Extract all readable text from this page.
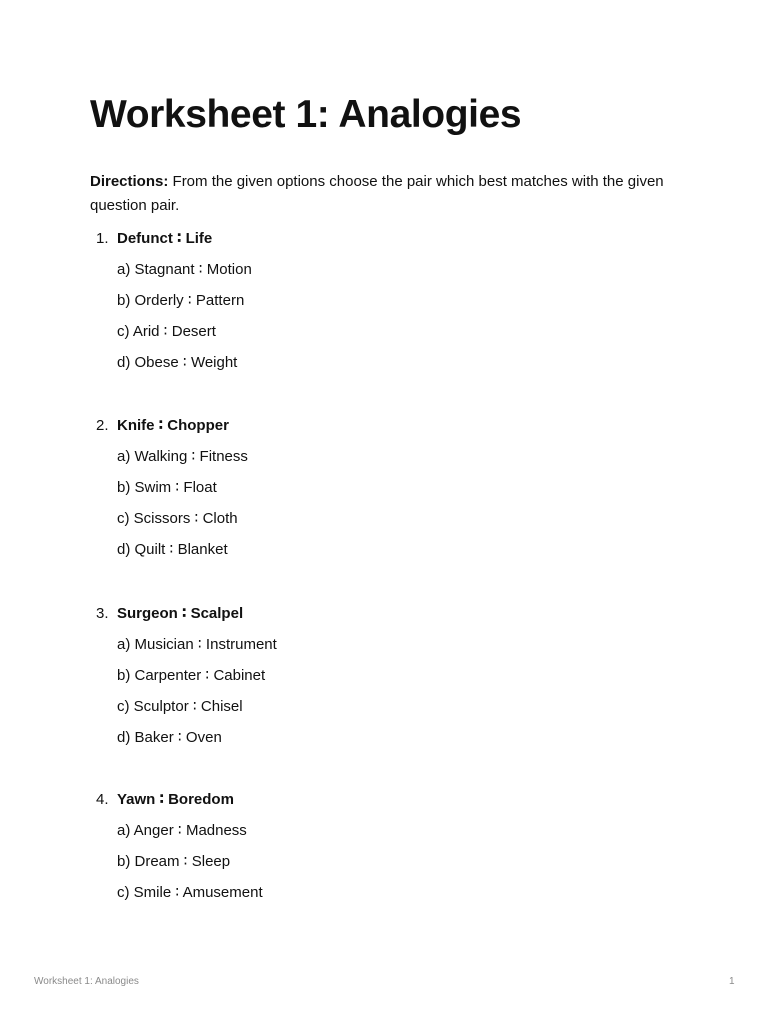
Worksheet 1: Analogies

Directions: From the given options choose the pair which best matches with the given question pair.

1. Defunct ∶ Life
a) Stagnant ∶ Motion
b) Orderly ∶ Pattern
c) Arid ∶ Desert
d) Obese ∶ Weight
2. Knife ∶ Chopper
a) Walking ∶ Fitness
b) Swim ∶ Float
c) Scissors ∶ Cloth
d) Quilt ∶ Blanket
3. Surgeon ∶ Scalpel
a) Musician ∶ Instrument
b) Carpenter ∶ Cabinet
c) Sculptor ∶ Chisel
d) Baker ∶ Oven
4. Yawn ∶ Boredom
a) Anger ∶ Madness
b) Dream ∶ Sleep
c) Smile ∶ Amusement
Worksheet 1: Analogies	1
